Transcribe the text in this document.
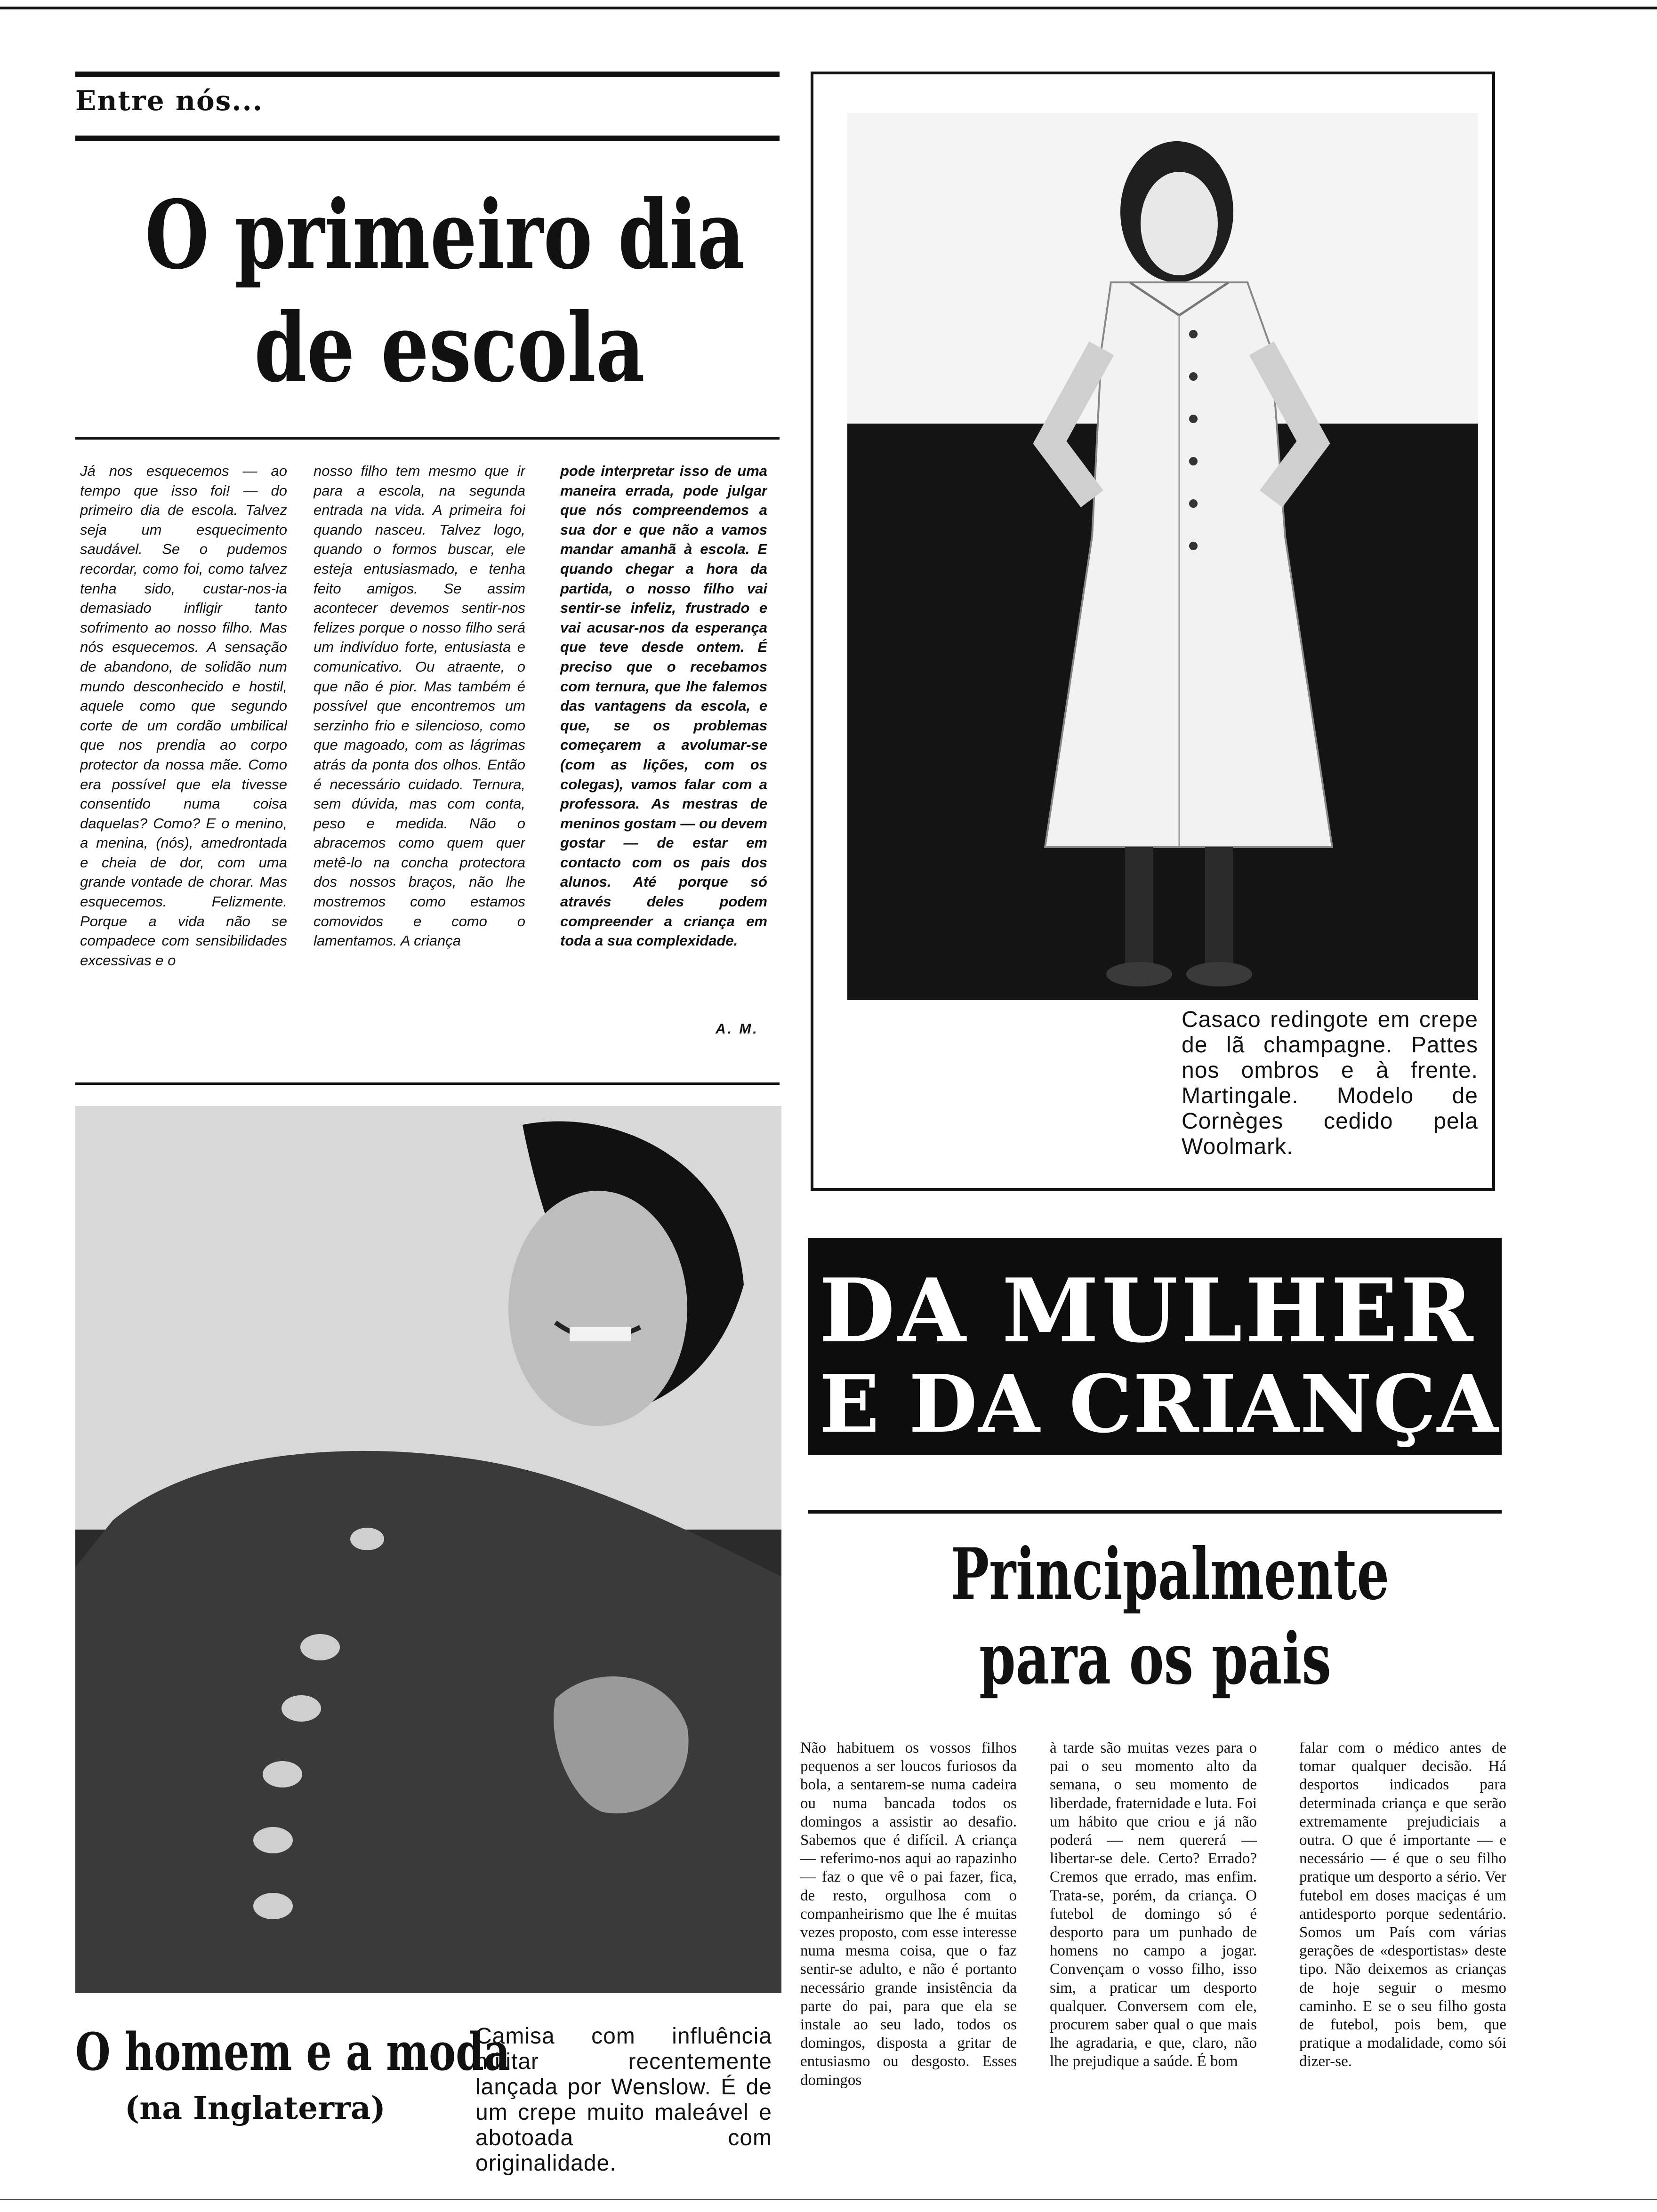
Entre nós...
O primeiro dia
de escola
Já nos esquecemos — ao tempo que isso foi! — do primeiro dia de escola. Talvez seja um esquecimento saudável. Se o pudemos recordar, como foi, como talvez tenha sido, custar-nos-ia demasiado infligir tanto sofrimento ao nosso filho. Mas nós esquecemos. A sensação de abandono, de solidão num mundo desconhecido e hostil, aquele como que segundo corte de um cordão umbilical que nos prendia ao corpo protector da nossa mãe. Como era possível que ela tivesse consentido numa coisa daquelas? Como? E o menino, a menina, (nós), amedrontada e cheia de dor, com uma grande vontade de chorar. Mas esquecemos. Felizmente. Porque a vida não se compadece com sensibilidades excessivas e o
nosso filho tem mesmo que ir para a escola, na segunda entrada na vida. A primeira foi quando nasceu. Talvez logo, quando o formos buscar, ele esteja entusiasmado, e tenha feito amigos. Se assim acontecer devemos sentir-nos felizes porque o nosso filho será um indivíduo forte, entusiasta e comunicativo. Ou atraente, o que não é pior. Mas também é possível que encontremos um serzinho frio e silencioso, como que magoado, com as lágrimas atrás da ponta dos olhos. Então é necessário cuidado. Ternura, sem dúvida, mas com conta, peso e medida. Não o abracemos como quem quer metê-lo na concha protectora dos nossos braços, não lhe mostremos como estamos comovidos e como o lamentamos. A criança
pode interpretar isso de uma maneira errada, pode julgar que nós compreendemos a sua dor e que não a vamos mandar amanhã à escola. E quando chegar a hora da partida, o nosso filho vai sentir-se infeliz, frustrado e vai acusar-nos da esperança que teve desde ontem. É preciso que o recebamos com ternura, que lhe falemos das vantagens da escola, e que, se os problemas começarem a avolumar-se (com as lições, com os colegas), vamos falar com a professora. As mestras de meninos gostam — ou devem gostar — de estar em contacto com os pais dos alunos. Até porque só através deles podem compreender a criança em toda a sua complexidade.
A. M.	Casaco redingote em crepe de lã champagne. Pattes nos ombros e à frente. Martingale. Modelo de Cornèges cedido pela Woolmark.
O homem e a moda
(na Inglaterra)
Camisa com influência militar recentemente lançada por Wenslow. É de um crepe muito maleável e abotoada com originalidade.
DA MULHER
E DA CRIANÇA
Principalmente
para os pais
Não habituem os vossos filhos pequenos a ser loucos furiosos da bola, a sentarem-se numa cadeira ou numa bancada todos os domingos a assistir ao desafio. Sabemos que é difícil. A criança — referimo-nos aqui ao rapazinho — faz o que vê o pai fazer, fica, de resto, orgulhosa com o companheirismo que lhe é muitas vezes proposto, com esse interesse numa mesma coisa, que o faz sentir-se adulto, e não é portanto necessário grande insistência da parte do pai, para que ela se instale ao seu lado, todos os domingos, disposta a gritar de entusiasmo ou desgosto. Esses domingos
à tarde são muitas vezes para o pai o seu momento alto da semana, o seu momento de liberdade, fraternidade e luta. Foi um hábito que criou e já não poderá — nem quererá — libertar-se dele. Certo? Errado? Cremos que errado, mas enfim. Trata-se, porém, da criança. O futebol de domingo só é desporto para um punhado de homens no campo a jogar. Convençam o vosso filho, isso sim, a praticar um desporto qualquer. Conversem com ele, procurem saber qual o que mais lhe agradaria, e que, claro, não lhe prejudique a saúde. É bom
falar com o médico antes de tomar qualquer decisão. Há desportos indicados para determinada criança e que serão extremamente prejudiciais a outra. O que é importante — e necessário — é que o seu filho pratique um desporto a sério. Ver futebol em doses maciças é um antidesporto porque sedentário. Somos um País com várias gerações de «desportistas» deste tipo. Não deixemos as crianças de hoje seguir o mesmo caminho. E se o seu filho gosta de futebol, pois bem, que pratique a modalidade, como sói dizer-se.
